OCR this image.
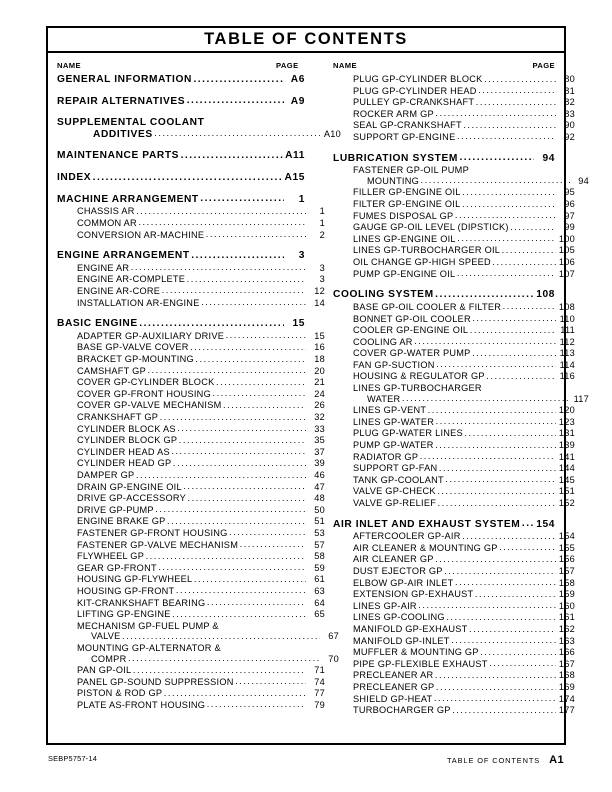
TABLE OF CONTENTS
NAME	PAGE	NAME	PAGE
GENERAL INFORMATION .....	A6
REPAIR ALTERNATIVES .....	A9
SUPPLEMENTAL COOLANT
ADDITIVES .....	A10
MAINTENANCE PARTS .....	A11
INDEX .....	A15
MACHINE ARRANGEMENT .....	1
CHASSIS AR .....	1
COMMON AR .....	1
CONVERSION AR-MACHINE .....	2
ENGINE ARRANGEMENT .....	3
ENGINE AR .....	3
ENGINE AR-COMPLETE .....	3
ENGINE AR-CORE .....	12
INSTALLATION AR-ENGINE .....	14
BASIC ENGINE .....	15
ADAPTER GP-AUXILIARY DRIVE .....	15
BASE GP-VALVE COVER .....	16
BRACKET GP-MOUNTING .....	18
CAMSHAFT GP .....	20
COVER GP-CYLINDER BLOCK .....	21
COVER GP-FRONT HOUSING .....	24
COVER GP-VALVE MECHANISM .....	26
CRANKSHAFT GP .....	32
CYLINDER BLOCK AS .....	33
CYLINDER BLOCK GP .....	35
CYLINDER HEAD AS .....	37
CYLINDER HEAD GP .....	39
DAMPER GP .....	46
DRAIN GP-ENGINE OIL .....	47
DRIVE GP-ACCESSORY .....	48
DRIVE GP-PUMP .....	50
ENGINE BRAKE GP .....	51
FASTENER GP-FRONT HOUSING .....	53
FASTENER GP-VALVE MECHANISM .....	57
FLYWHEEL GP .....	58
GEAR GP-FRONT .....	59
HOUSING GP-FLYWHEEL .....	61
HOUSING GP-FRONT .....	63
KIT-CRANKSHAFT BEARING .....	64
LIFTING GP-ENGINE .....	65
MECHANISM GP-FUEL PUMP &
VALVE .....	67
MOUNTING GP-ALTERNATOR &
COMPR .....	70
PAN GP-OIL .....	71
PANEL GP-SOUND SUPPRESSION .....	74
PISTON & ROD GP .....	77
PLATE AS-FRONT HOUSING .....	79
PLUG GP-CYLINDER BLOCK .....	80
PLUG GP-CYLINDER HEAD .....	81
PULLEY GP-CRANKSHAFT .....	82
ROCKER ARM GP .....	83
SEAL GP-CRANKSHAFT .....	90
SUPPORT GP-ENGINE .....	92
LUBRICATION SYSTEM .....	94
FASTENER GP-OIL PUMP
MOUNTING .....	94
FILLER GP-ENGINE OIL .....	95
FILTER GP-ENGINE OIL .....	96
FUMES DISPOSAL GP .....	97
GAUGE GP-OIL LEVEL (DIPSTICK) .....	99
LINES GP-ENGINE OIL .....	100
LINES GP-TURBOCHARGER OIL .....	105
OIL CHANGE GP-HIGH SPEED .....	106
PUMP GP-ENGINE OIL .....	107
COOLING SYSTEM .....	108
BASE GP-OIL COOLER & FILTER .....	108
BONNET GP-OIL COOLER .....	110
COOLER GP-ENGINE OIL .....	111
COOLING AR .....	112
COVER GP-WATER PUMP .....	113
FAN GP-SUCTION .....	114
HOUSING & REGULATOR GP .....	116
LINES GP-TURBOCHARGER
WATER .....	117
LINES GP-VENT .....	120
LINES GP-WATER .....	123
PLUG GP-WATER LINES .....	131
PUMP GP-WATER .....	139
RADIATOR GP .....	141
SUPPORT GP-FAN .....	144
TANK GP-COOLANT .....	145
VALVE GP-CHECK .....	151
VALVE GP-RELIEF .....	152
AIR INLET AND EXHAUST SYSTEM ..... 154
AFTERCOOLER GP-AIR .....	154
AIR CLEANER & MOUNTING GP .....	155
AIR CLEANER GP .....	156
DUST EJECTOR GP .....	157
ELBOW GP-AIR INLET .....	158
EXTENSION GP-EXHAUST .....	159
LINES GP-AIR .....	160
LINES GP-COOLING .....	161
MANIFOLD GP-EXHAUST .....	162
MANIFOLD GP-INLET .....	163
MUFFLER & MOUNTING GP .....	166
PIPE GP-FLEXIBLE EXHAUST .....	167
PRECLEANER AR .....	168
PRECLEANER GP .....	169
SHIELD GP-HEAT .....	174
TURBOCHARGER GP .....	177
SEBP5757-14	TABLE OF CONTENTS A1
